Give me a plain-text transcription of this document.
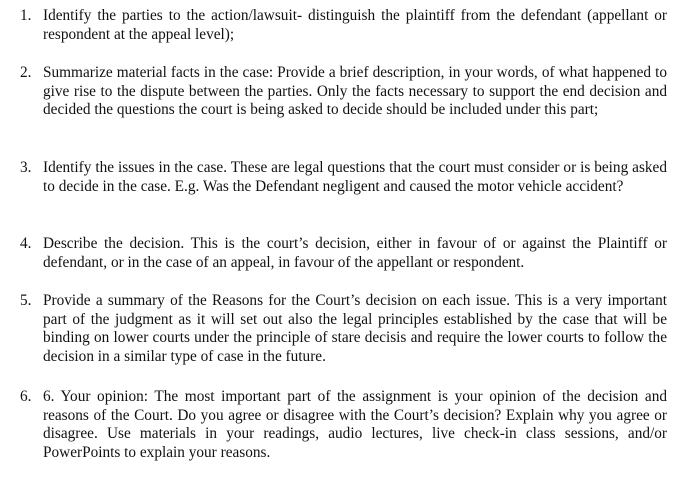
1. Identify the parties to the action/lawsuit- distinguish the plaintiff from the defendant (appellant or respondent at the appeal level);
2. Summarize material facts in the case: Provide a brief description, in your words, of what happened to give rise to the dispute between the parties. Only the facts necessary to support the end decision and decided the questions the court is being asked to decide should be included under this part;
3. Identify the issues in the case. These are legal questions that the court must consider or is being asked to decide in the case. E.g. Was the Defendant negligent and caused the motor vehicle accident?
4. Describe the decision. This is the court’s decision, either in favour of or against the Plaintiff or defendant, or in the case of an appeal, in favour of the appellant or respondent.
5. Provide a summary of the Reasons for the Court’s decision on each issue. This is a very important part of the judgment as it will set out also the legal principles established by the case that will be binding on lower courts under the principle of stare decisis and require the lower courts to follow the decision in a similar type of case in the future.
6. 6. Your opinion: The most important part of the assignment is your opinion of the decision and reasons of the Court. Do you agree or disagree with the Court’s decision? Explain why you agree or disagree. Use materials in your readings, audio lectures, live check-in class sessions, and/or PowerPoints to explain your reasons.
